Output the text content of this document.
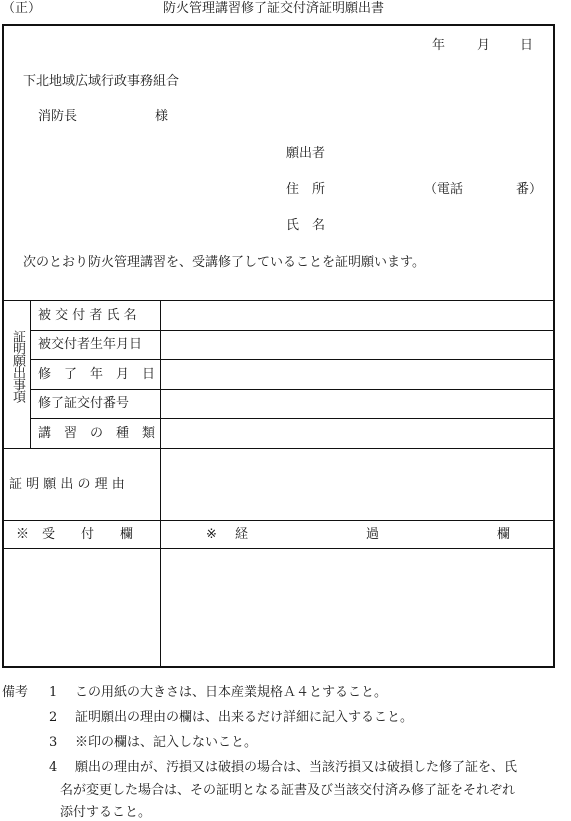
（正）	防火管理講習修了証交付済証明願出書
年 月 日
下北地域広域行政事務組合
消防長	様
願出者
住　所	（電話	番）
氏　名
次のとおり防火管理講習を、受講修了していることを証明願います。
証明願出事項
被 交 付 者 氏 名
被交付者生年月日
修　了　年　月　日
修了証交付番号
講　習　の　種　類
証 明 願 出 の 理 由
※　受　　付　　欄	※ 経	過	欄
備考 1 この用紙の大きさは、日本産業規格Ａ４とすること。
2 証明願出の理由の欄は、出来るだけ詳細に記入すること。
3 ※印の欄は、記入しないこと。
4 願出の理由が、汚損又は破損の場合は、当該汚損又は破損した修了証を、氏
名が変更した場合は、その証明となる証書及び当該交付済み修了証をそれぞれ
添付すること。
